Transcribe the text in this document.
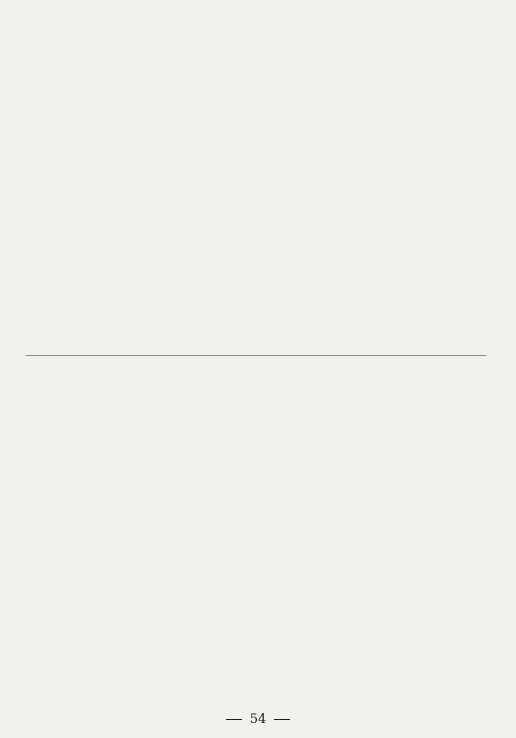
54
